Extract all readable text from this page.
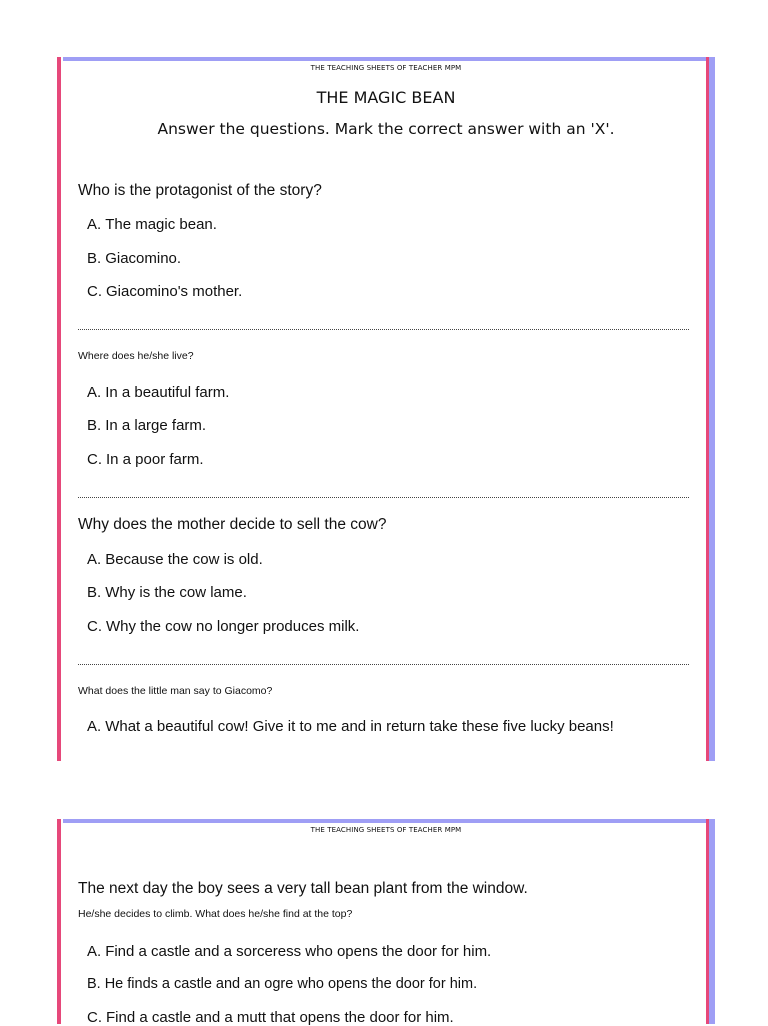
THE TEACHING SHEETS OF TEACHER MPM
THE MAGIC BEAN
Answer the questions. Mark the correct answer with an 'X'.
Who is the protagonist of the story?
A. The magic bean.
B. Giacomino.
C. Giacomino's mother.
Where does he/she live?
A. In a beautiful farm.
B. In a large farm.
C. In a poor farm.
Why does the mother decide to sell the cow?
A. Because the cow is old.
B. Why is the cow lame.
C. Why the cow no longer produces milk.
What does the little man say to Giacomo?
A. What a beautiful cow! Give it to me and in return take these five lucky beans!
THE TEACHING SHEETS OF TEACHER MPM
The next day the boy sees a very tall bean plant from the window.
He/she decides to climb. What does he/she find at the top?
A. Find a castle and a sorceress who opens the door for him.
B. He finds a castle and an ogre who opens the door for him.
C. Find a castle and a mutt that opens the door for him.
